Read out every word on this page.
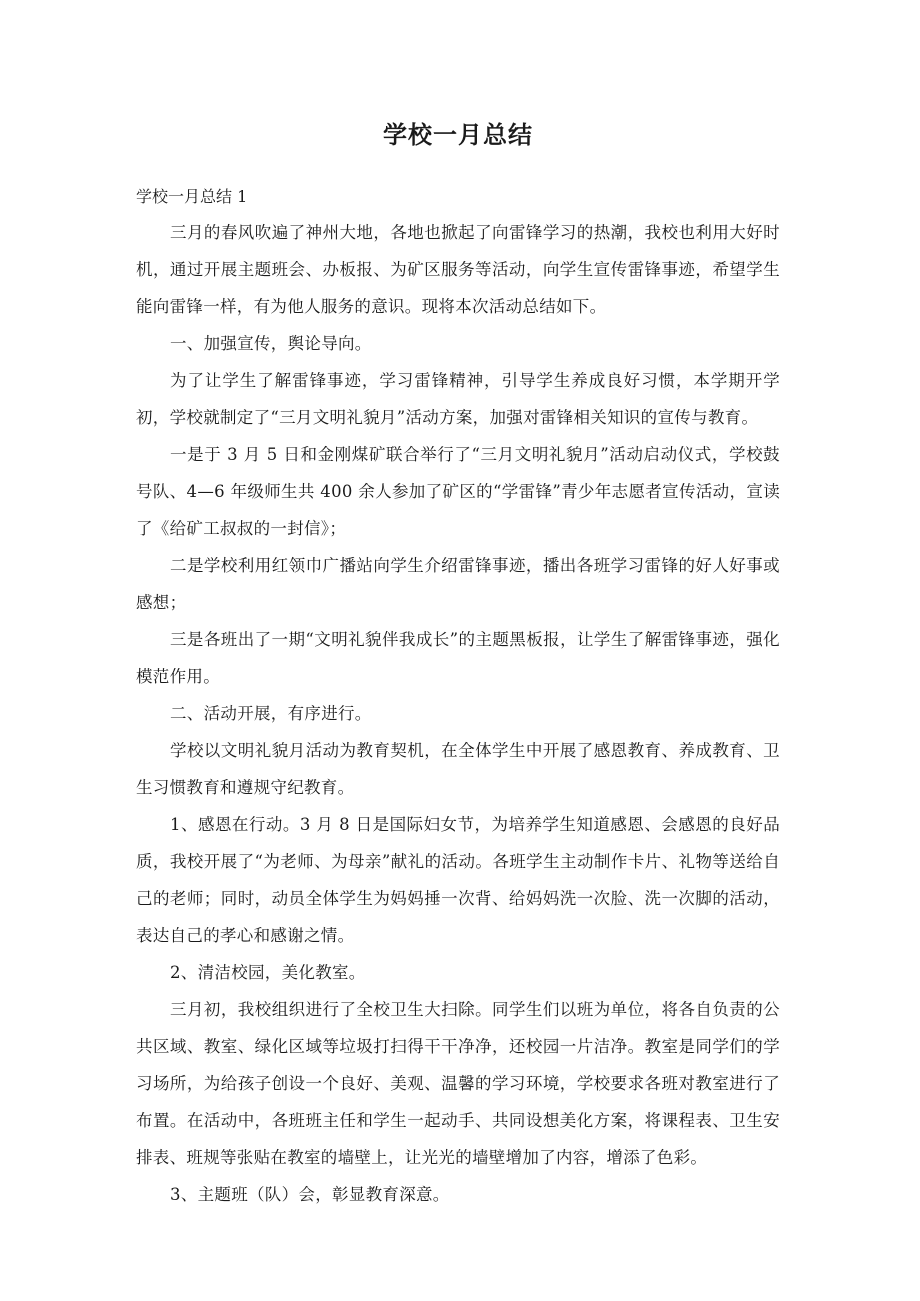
学校一月总结

学校一月总结 1

三月的春风吹遍了神州大地，各地也掀起了向雷锋学习的热潮，我校也利用大好时机，通过开展主题班会、办板报、为矿区服务等活动，向学生宣传雷锋事迹，希望学生能向雷锋一样，有为他人服务的意识。现将本次活动总结如下。

一、加强宣传，舆论导向。

为了让学生了解雷锋事迹，学习雷锋精神，引导学生养成良好习惯，本学期开学初，学校就制定了“三月文明礼貌月”活动方案，加强对雷锋相关知识的宣传与教育。

一是于 3 月 5 日和金刚煤矿联合举行了“三月文明礼貌月”活动启动仪式，学校鼓号队、4—6 年级师生共 400 余人参加了矿区的“学雷锋”青少年志愿者宣传活动，宣读了《给矿工叔叔的一封信》；

二是学校利用红领巾广播站向学生介绍雷锋事迹，播出各班学习雷锋的好人好事或感想；

三是各班出了一期“文明礼貌伴我成长”的主题黑板报，让学生了解雷锋事迹，强化模范作用。

二、活动开展，有序进行。

学校以文明礼貌月活动为教育契机，在全体学生中开展了感恩教育、养成教育、卫生习惯教育和遵规守纪教育。

1、感恩在行动。3 月 8 日是国际妇女节，为培养学生知道感恩、会感恩的良好品质，我校开展了“为老师、为母亲”献礼的活动。各班学生主动制作卡片、礼物等送给自己的老师；同时，动员全体学生为妈妈捶一次背、给妈妈洗一次脸、洗一次脚的活动，表达自己的孝心和感谢之情。

2、清洁校园，美化教室。

三月初，我校组织进行了全校卫生大扫除。同学生们以班为单位，将各自负责的公共区域、教室、绿化区域等垃圾打扫得干干净净，还校园一片洁净。教室是同学们的学习场所，为给孩子创设一个良好、美观、温馨的学习环境，学校要求各班对教室进行了布置。在活动中，各班班主任和学生一起动手、共同设想美化方案，将课程表、卫生安排表、班规等张贴在教室的墙壁上，让光光的墙壁增加了内容，增添了色彩。

3、主题班（队）会，彰显教育深意。
